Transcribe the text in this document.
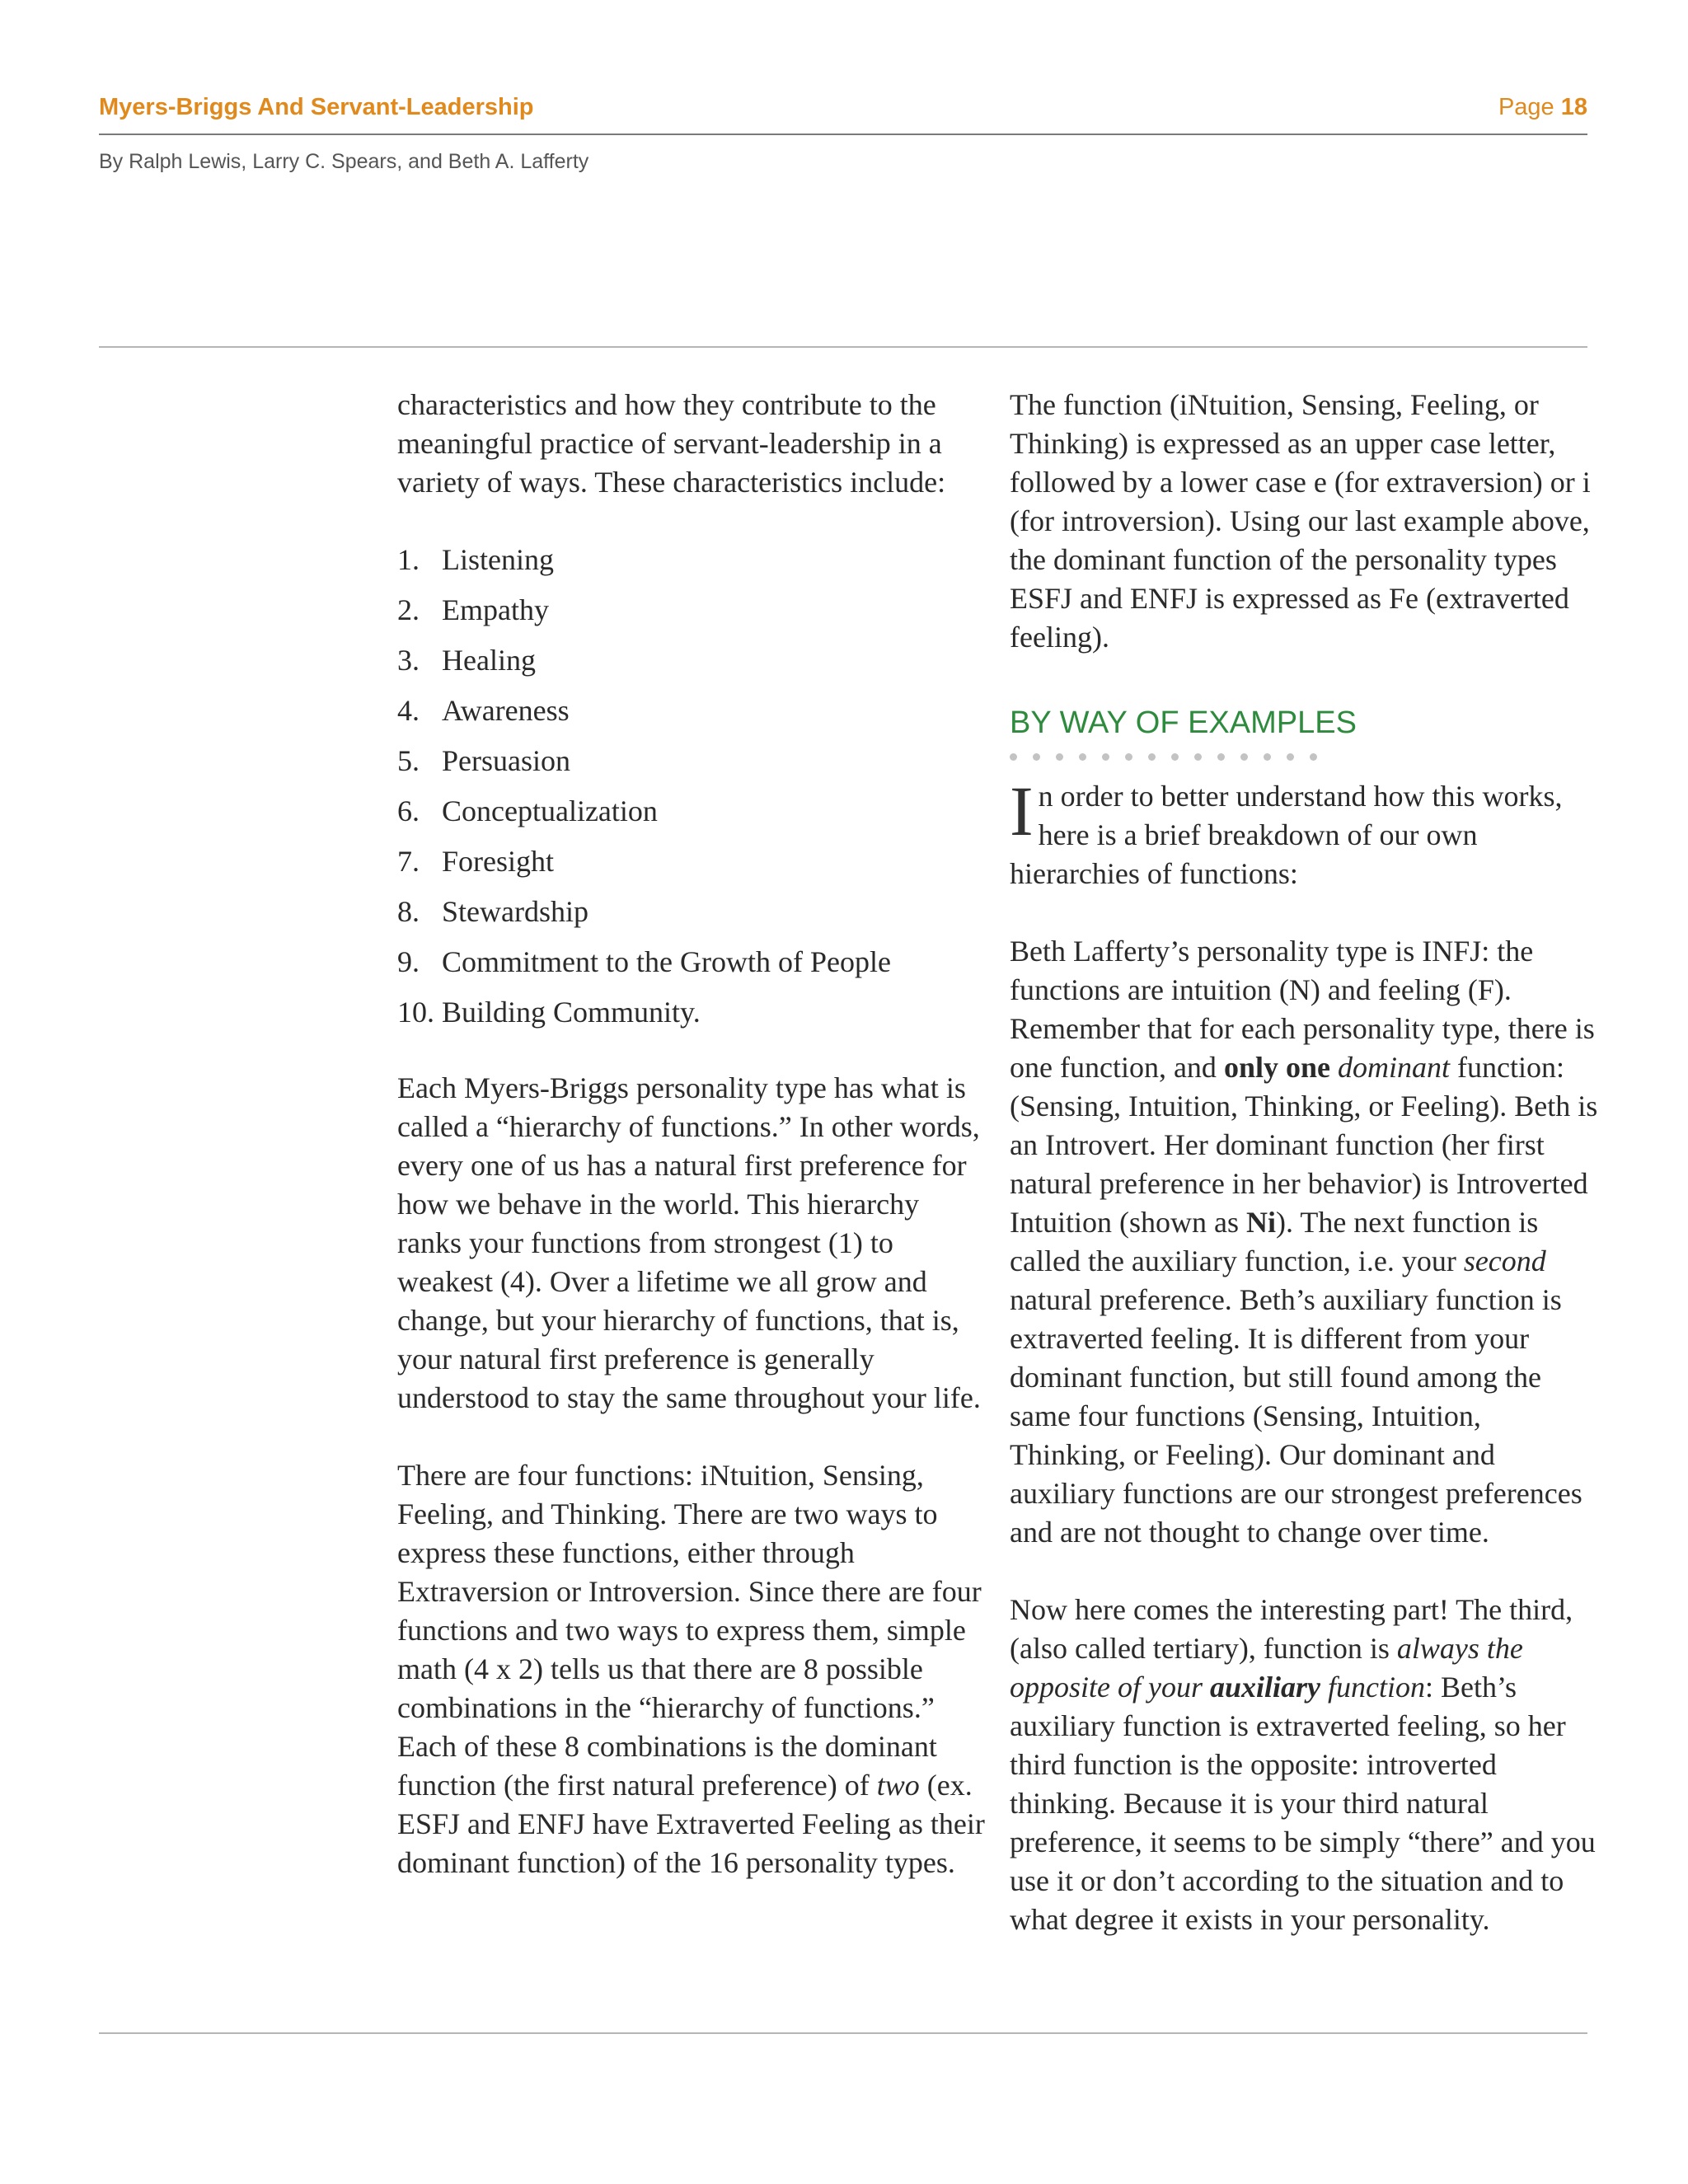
Myers-Briggs And Servant-Leadership	Page 18
By Ralph Lewis, Larry C. Spears, and Beth A. Lafferty

characteristics and how they contribute to the meaningful practice of servant-leadership in a variety of ways. These characteristics include:

1. Listening
2. Empathy
3. Healing
4. Awareness
5. Persuasion
6. Conceptualization
7. Foresight
8. Stewardship
9. Commitment to the Growth of People
10. Building Community.

Each Myers-Briggs personality type has what is called a “hierarchy of functions.” In other words, every one of us has a natural first preference for how we behave in the world. This hierarchy ranks your functions from strongest (1) to weakest (4). Over a lifetime we all grow and change, but your hierarchy of functions, that is, your natural first preference is generally understood to stay the same throughout your life.

There are four functions: iNtuition, Sensing, Feeling, and Thinking. There are two ways to express these functions, either through Extraversion or Introversion. Since there are four functions and two ways to express them, simple math (4 x 2) tells us that there are 8 possible combinations in the “hierarchy of functions.” Each of these 8 combinations is the dominant function (the first natural preference) of two (ex. ESFJ and ENFJ have Extraverted Feeling as their dominant function) of the 16 personality types.

The function (iNtuition, Sensing, Feeling, or Thinking) is expressed as an upper case letter, followed by a lower case e (for extraversion) or i (for introversion). Using our last example above, the dominant function of the personality types ESFJ and ENFJ is expressed as Fe (extraverted feeling).

BY WAY OF EXAMPLES

In order to better understand how this works, here is a brief breakdown of our own hierarchies of functions:

Beth Lafferty’s personality type is INFJ: the functions are intuition (N) and feeling (F). Remember that for each personality type, there is one function, and only one dominant function: (Sensing, Intuition, Thinking, or Feeling). Beth is an Introvert. Her dominant function (her first natural preference in her behavior) is Introverted Intuition (shown as Ni). The next function is called the auxiliary function, i.e. your second natural preference. Beth’s auxiliary function is extraverted feeling. It is different from your dominant function, but still found among the same four functions (Sensing, Intuition, Thinking, or Feeling). Our dominant and auxiliary functions are our strongest preferences and are not thought to change over time.

Now here comes the interesting part! The third, (also called tertiary), function is always the opposite of your auxiliary function: Beth’s auxiliary function is extraverted feeling, so her third function is the opposite: introverted thinking. Because it is your third natural preference, it seems to be simply “there” and you use it or don’t according to the situation and to what degree it exists in your personality.
